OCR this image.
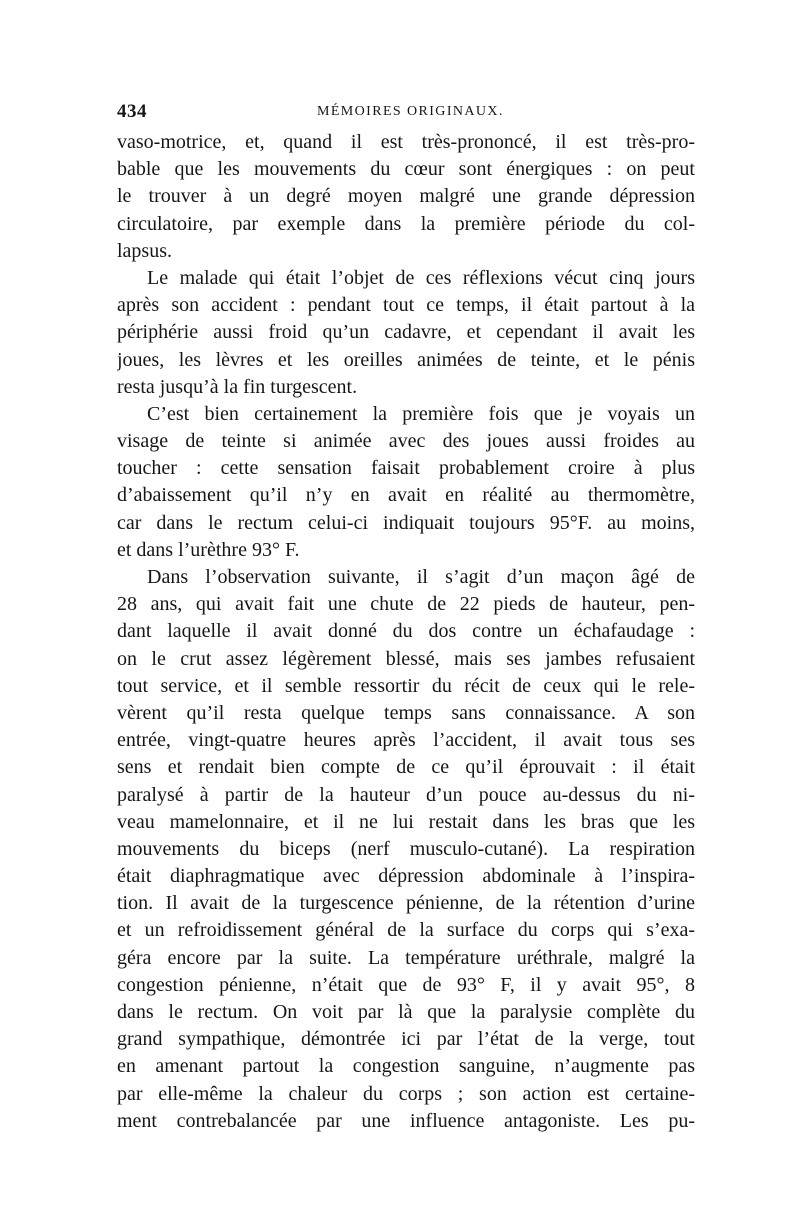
434	MÉMOIRES ORIGINAUX.
vaso-motrice, et, quand il est très-prononcé, il est très-pro-
bable que les mouvements du cœur sont énergiques : on peut
le trouver à un degré moyen malgré une grande dépression
circulatoire, par exemple dans la première période du col-
lapsus.
Le malade qui était l’objet de ces réflexions vécut cinq jours
après son accident : pendant tout ce temps, il était partout à la
périphérie aussi froid qu’un cadavre, et cependant il avait les
joues, les lèvres et les oreilles animées de teinte, et le pénis
resta jusqu’à la fin turgescent.
C’est bien certainement la première fois que je voyais un
visage de teinte si animée avec des joues aussi froides au
toucher : cette sensation faisait probablement croire à plus
d’abaissement qu’il n’y en avait en réalité au thermomètre,
car dans le rectum celui-ci indiquait toujours 95°F. au moins,
et dans l’urèthre 93° F.
Dans l’observation suivante, il s’agit d’un maçon âgé de
28 ans, qui avait fait une chute de 22 pieds de hauteur, pen-
dant laquelle il avait donné du dos contre un échafaudage :
on le crut assez légèrement blessé, mais ses jambes refusaient
tout service, et il semble ressortir du récit de ceux qui le rele-
vèrent qu’il resta quelque temps sans connaissance. A son
entrée, vingt-quatre heures après l’accident, il avait tous ses
sens et rendait bien compte de ce qu’il éprouvait : il était
paralysé à partir de la hauteur d’un pouce au-dessus du ni-
veau mamelonnaire, et il ne lui restait dans les bras que les
mouvements du biceps (nerf musculo-cutané). La respiration
était diaphragmatique avec dépression abdominale à l’inspira-
tion. Il avait de la turgescence pénienne, de la rétention d’urine
et un refroidissement général de la surface du corps qui s’exa-
géra encore par la suite. La température uréthrale, malgré la
congestion pénienne, n’était que de 93° F, il y avait 95°, 8
dans le rectum. On voit par là que la paralysie complète du
grand sympathique, démontrée ici par l’état de la verge, tout
en amenant partout la congestion sanguine, n’augmente pas
par elle-même la chaleur du corps ; son action est certaine-
ment contrebalancée par une influence antagoniste. Les pu-
